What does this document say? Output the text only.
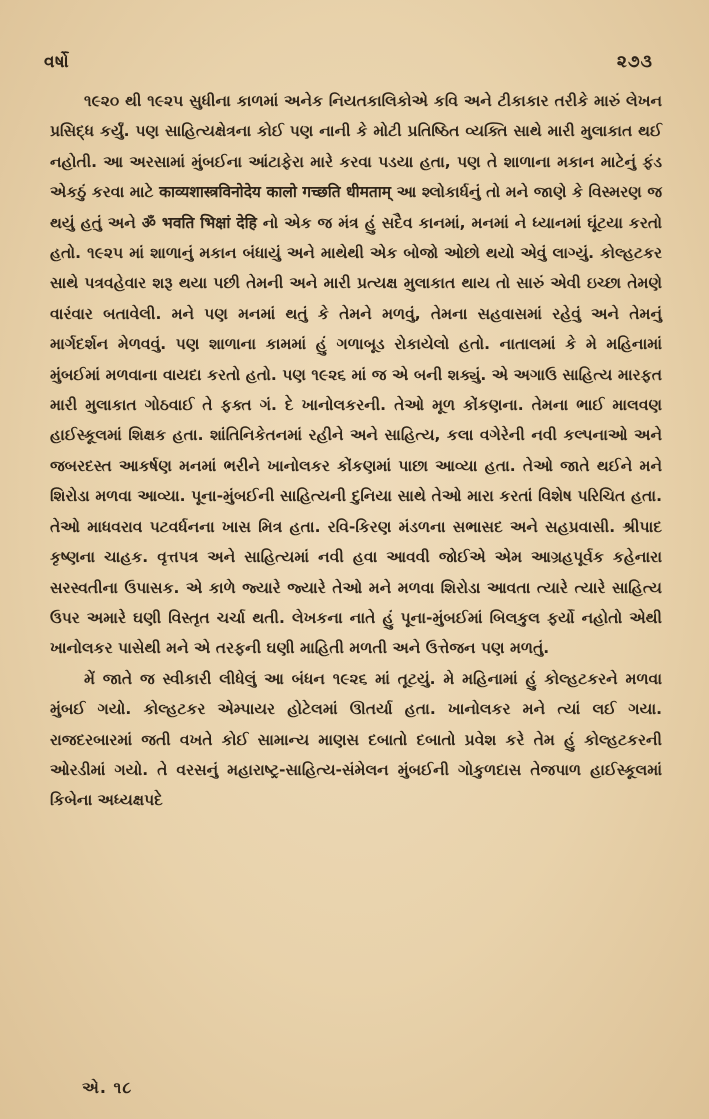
વર્ષો	૨૭૩

૧૯૨૦ થી ૧૯૨૫ સુધીના કાળમાં અનેક નિયતકાલિકોએ કવિ અને ટીકાકાર તરીકે મારું લેખન પ્રસિદ્ધ કર્યું. પણ સાહિત્યક્ષેત્રના કોઈ પણ નાની કે મોટી પ્રતિષ્ઠિત વ્યક્તિ સાથે મારી મુલાકાત થઈ નહોતી. આ અરસામાં મુંબઈના આંટાફેરા મારે કરવા પડયા હતા, પણ તે શાળાના મકાન માટેનું ફંડ એકઠું કરવા માટે काव्यशास्त्रविनोदेय कालो गच्छति धीमताम् આ શ્લોકાર્ધનું તો મને જાણે કે વિસ્મરણ જ થયું હતું અને ॐ भवति भिक्षां देहि નો એક જ મંત્ર હું સદૈવ કાનમાં, મનમાં ને ધ્યાનમાં ઘૂંટયા કરતો હતો. ૧૯૨૫ માં શાળાનું મકાન બંધાયું અને માથેથી એક બોજો ઓછો થયો એવું લાગ્યું. કોલ્હટકર સાથે પત્રવહેવાર શરૂ થયા પછી તેમની અને મારી પ્રત્યક્ષ મુલાકાત થાય તો સારું એવી ઇચ્છા તેમણે વારંવાર બતાવેલી. મને પણ મનમાં થતું કે તેમને મળવું, તેમના સહવાસમાં રહેવું અને તેમનું માર્ગદર્શન મેળવવું. પણ શાળાના કામમાં હું ગળાબૂડ રોકાયેલો હતો. નાતાલમાં કે મે મહિનામાં મુંબઈમાં મળવાના વાયદા કરતો હતો. પણ ૧૯૨૬ માં જ એ બની શક્યું. એ અગાઉ સાહિત્ય મારફત મારી મુલાકાત ગોઠવાઈ તે ફક્ત ગં. દે ખાનોલકરની. તેઓ મૂળ કોંકણના. તેમના ભાઈ માલવણ હાઈસ્કૂલમાં શિક્ષક હતા. શાંતિનિકેતનમાં રહીને અને સાહિત્ય, કલા વગેરેની નવી કલ્પનાઓ અને જબરદસ્ત આકર્ષણ મનમાં ભરીને ખાનોલકર કોંકણમાં પાછા આવ્યા હતા. તેઓ જાતે થઈને મને શિરોડા મળવા આવ્યા. પૂના-મુંબઈની સાહિત્યની દુનિયા સાથે તેઓ મારા કરતાં વિશેષ પરિચિત હતા. તેઓ માધવરાવ પટવર્ધનના ખાસ મિત્ર હતા. રવિ-કિરણ મંડળના સભાસદ અને સહપ્રવાસી. શ્રીપાદ કૃષ્ણના ચાહક. વૃત્તપત્ર અને સાહિત્યમાં નવી હવા આવવી જોઈએ એમ આગ્રહપૂર્વક કહેનારા સરસ્વતીના ઉપાસક. એ કાળે જ્યારે જ્યારે તેઓ મને મળવા શિરોડા આવતા ત્યારે ત્યારે સાહિત્ય ઉપર અમારે ઘણી વિસ્તૃત ચર્ચા થતી. લેખકના નાતે હું પૂના-મુંબઈમાં બિલકુલ ફર્યો નહોતો એથી ખાનોલકર પાસેથી મને એ તરફની ઘણી માહિતી મળતી અને ઉત્તેજન પણ મળતું.

મેં જાતે જ સ્વીકારી લીધેલું આ બંધન ૧૯૨૬ માં તૂટયું. મે મહિનામાં હું કોલ્હટકરને મળવા મુંબઈ ગયો. કોલ્હટકર એમ્પાયર હોટેલમાં ઊતર્યા હતા. ખાનોલકર મને ત્યાં લઈ ગયા. રાજદરબારમાં જતી વખતે કોઈ સામાન્ય માણસ દબાતો દબાતો પ્રવેશ કરે તેમ હું કોલ્હટકરની ઓરડીમાં ગયો. તે વરસનું મહારાષ્ટ્ર-સાહિત્ય-સંમેલન મુંબઈની ગોકુળદાસ તેજપાળ હાઈસ્કૂલમાં કિબેના અધ્યક્ષપદે

એ. ૧૮
